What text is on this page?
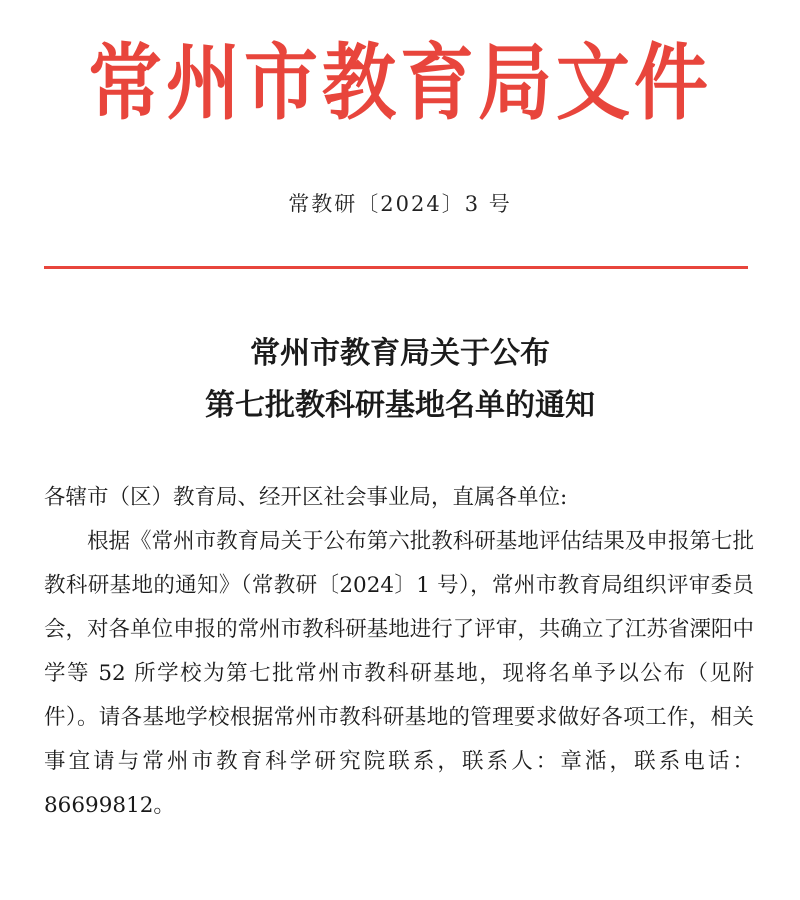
常州市教育局文件
常教研〔2024〕3 号
常州市教育局关于公布
第七批教科研基地名单的通知
各辖市（区）教育局、经开区社会事业局，直属各单位:
根据《常州市教育局关于公布第六批教科研基地评估结果及申报第七批教科研基地的通知》（常教研〔2024〕1 号），常州市教育局组织评审委员会，对各单位申报的常州市教科研基地进行了评审，共确立了江苏省溧阳中学等 52 所学校为第七批常州市教科研基地，现将名单予以公布（见附件）。请各基地学校根据常州市教科研基地的管理要求做好各项工作，相关事宜请与常州市教育科学研究院联系，联系人：章湉，联系电话：86699812。
